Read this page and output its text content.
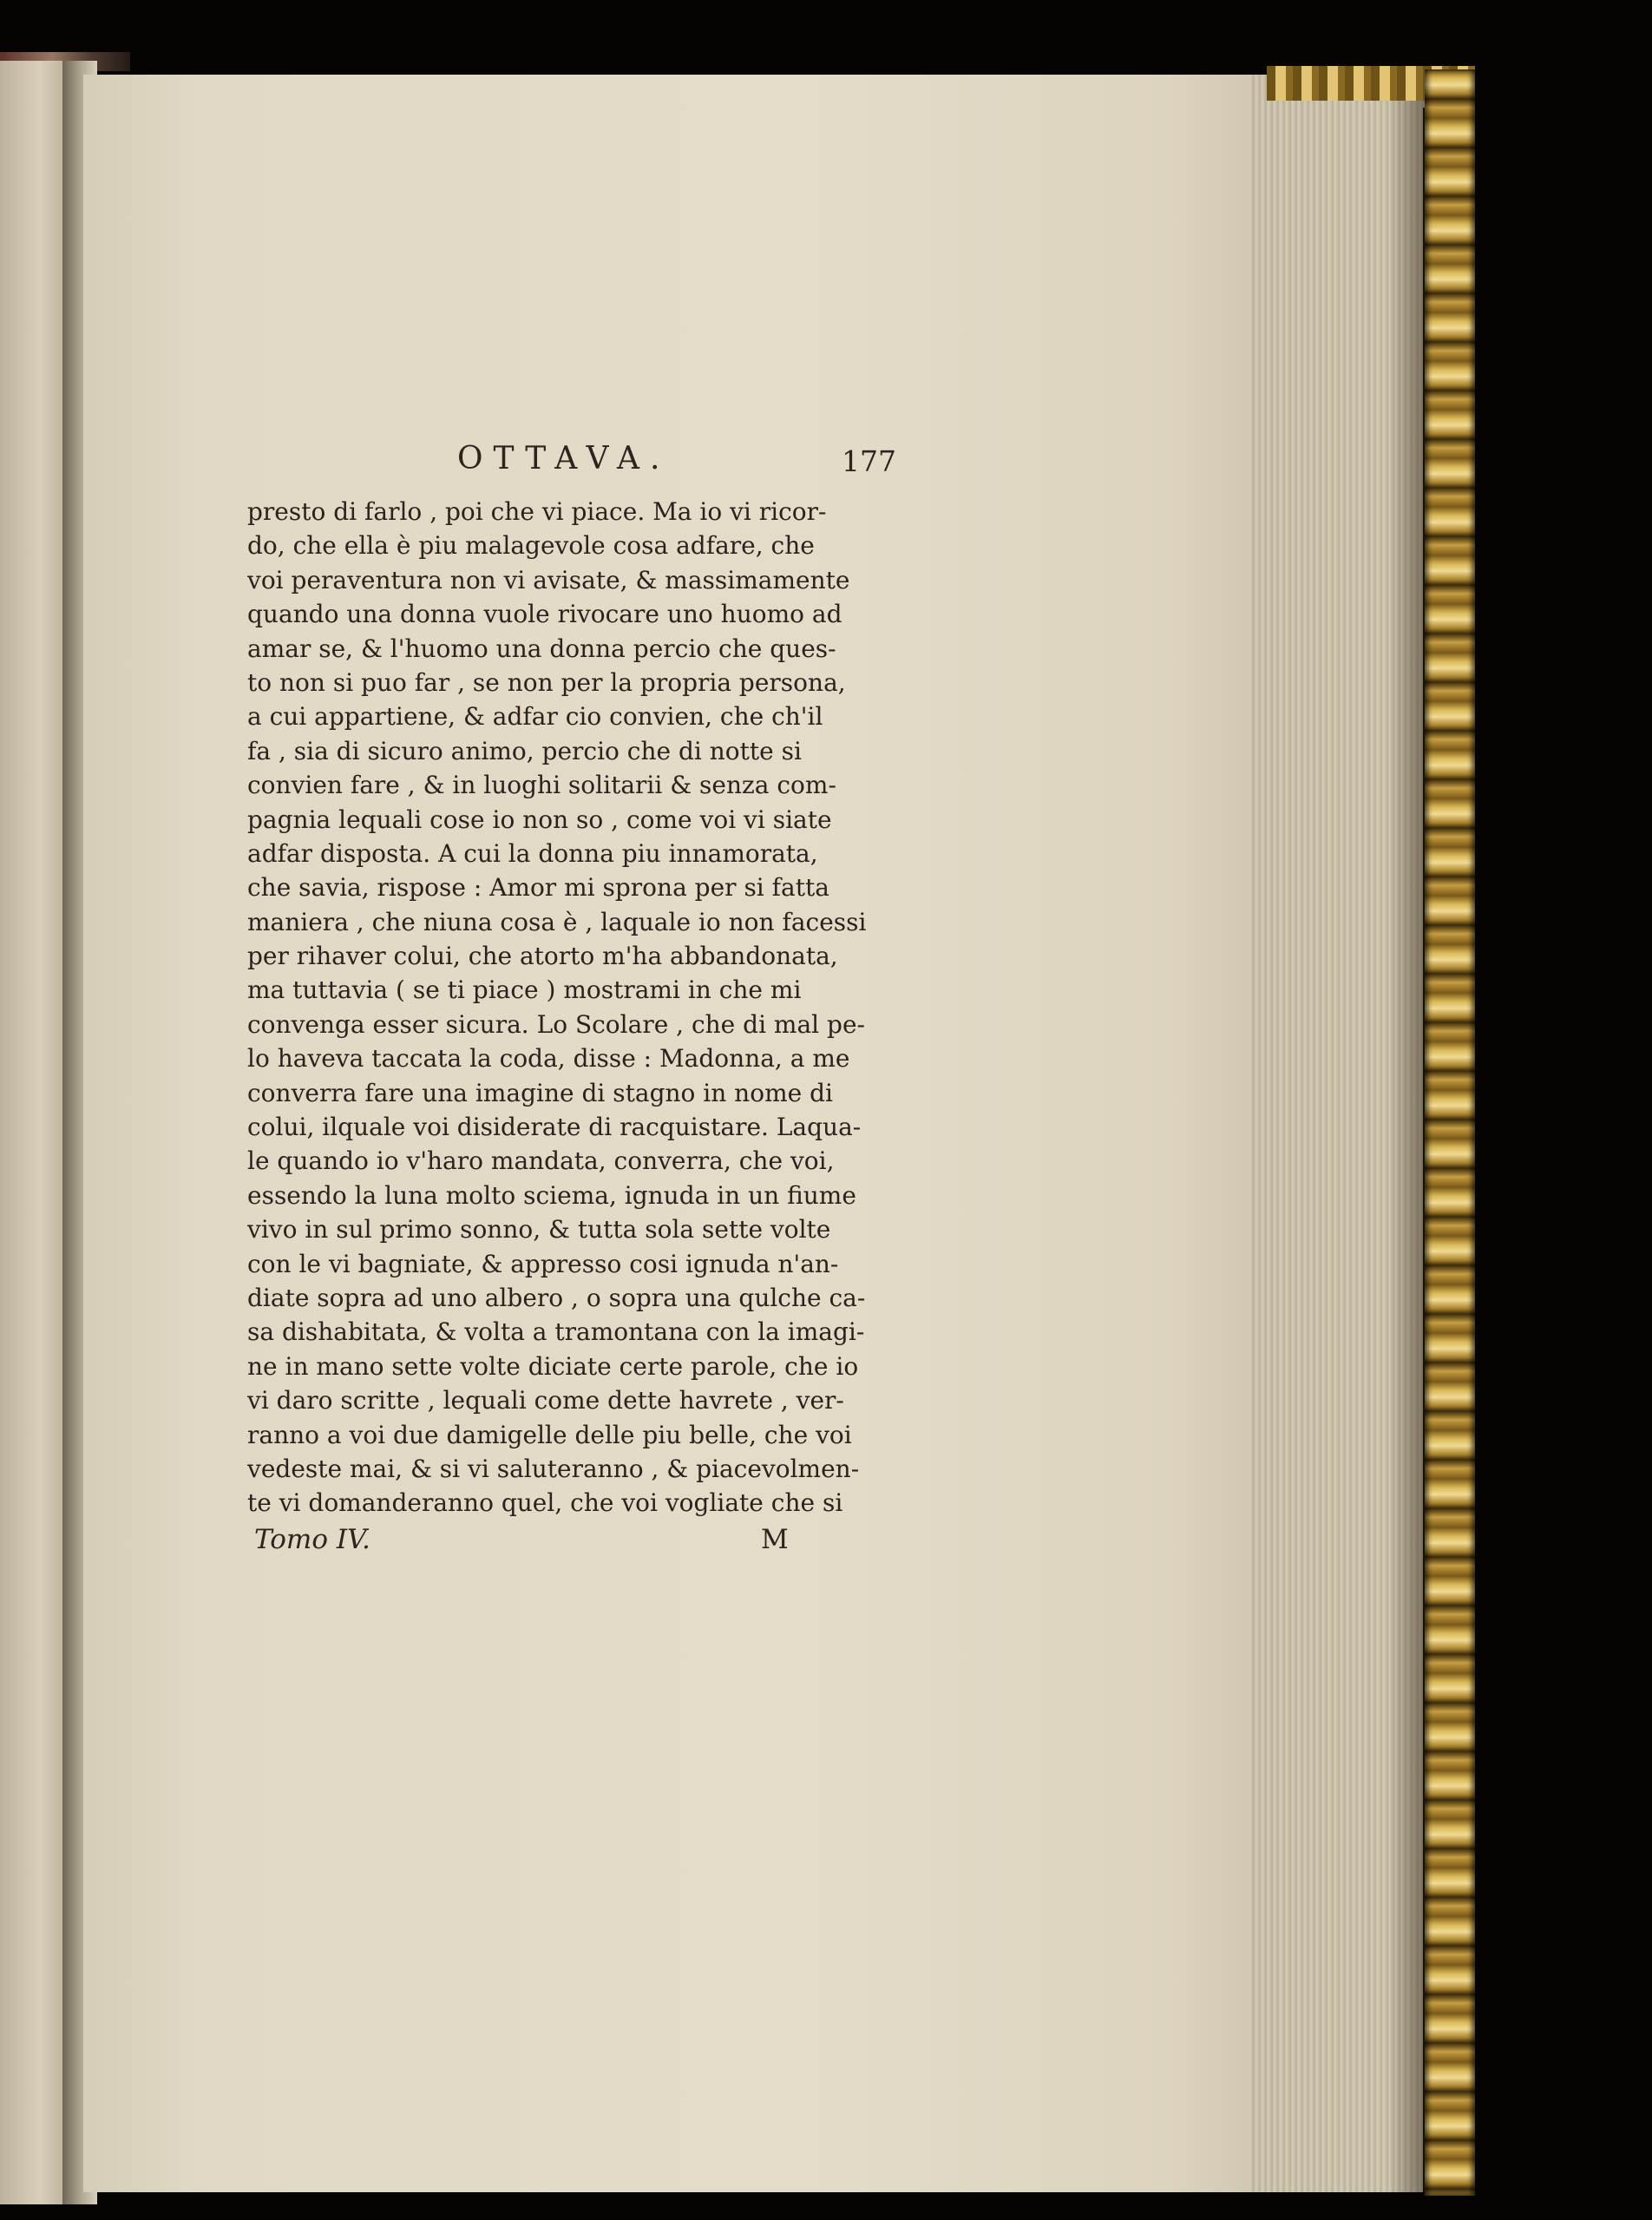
OTTAVA.	177
presto di farlo , poi che vi piace. Ma io vi ricor-
do, che ella è piu malagevole cosa adfare, che
voi peraventura non vi avisate, & massimamente
quando una donna vuole rivocare uno huomo ad
amar se, & l'huomo una donna percio che ques-
to non si puo far , se non per la propria persona,
a cui appartiene, & adfar cio convien, che ch'il
fa , sia di sicuro animo, percio che di notte si
convien fare , & in luoghi solitarii & senza com-
pagnia lequali cose io non so , come voi vi siate
adfar disposta. A cui la donna piu innamorata,
che savia, rispose : Amor mi sprona per si fatta
maniera , che niuna cosa è , laquale io non facessi
per rihaver colui, che atorto m'ha abbandonata,
ma tuttavia ( se ti piace ) mostrami in che mi
convenga esser sicura. Lo Scolare , che di mal pe-
lo haveva taccata la coda, disse : Madonna, a me
converra fare una imagine di stagno in nome di
colui, ilquale voi disiderate di racquistare. Laqua-
le quando io v'haro mandata, converra, che voi,
essendo la luna molto sciema, ignuda in un fiume
vivo in sul primo sonno, & tutta sola sette volte
con le vi bagniate, & appresso cosi ignuda n'an-
diate sopra ad uno albero , o sopra una qulche ca-
sa dishabitata, & volta a tramontana con la imagi-
ne in mano sette volte diciate certe parole, che io
vi daro scritte , lequali come dette havrete , ver-
ranno a voi due damigelle delle piu belle, che voi
vedeste mai, & si vi saluteranno , & piacevolmen-
te vi domanderanno quel, che voi vogliate che si
Tomo IV.	M
